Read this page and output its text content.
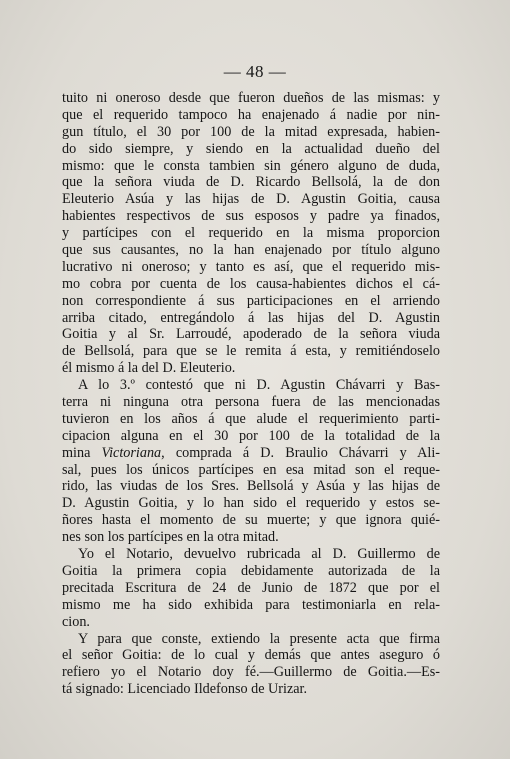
— 48 —
tuito ni oneroso desde que fueron dueños de las mismas: y
que el requerido tampoco ha enajenado á nadie por nin-
gun título, el 30 por 100 de la mitad expresada, habien-
do sido siempre, y siendo en la actualidad dueño del
mismo: que le consta tambien sin género alguno de duda,
que la señora viuda de D. Ricardo Bellsolá, la de don
Eleuterio Asúa y las hijas de D. Agustin Goitia, causa
habientes respectivos de sus esposos y padre ya finados,
y partícipes con el requerido en la misma proporcion
que sus causantes, no la han enajenado por título alguno
lucrativo ni oneroso; y tanto es así, que el requerido mis-
mo cobra por cuenta de los causa-habientes dichos el cá-
non correspondiente á sus participaciones en el arriendo
arriba citado, entregándolo á las hijas del D. Agustin
Goitia y al Sr. Larroudé, apoderado de la señora viuda
de Bellsolá, para que se le remita á esta, y remitiéndoselo
él mismo á la del D. Eleuterio.
A lo 3.º contestó que ni D. Agustin Chávarri y Bas-
terra ni ninguna otra persona fuera de las mencionadas
tuvieron en los años á que alude el requerimiento parti-
cipacion alguna en el 30 por 100 de la totalidad de la
mina Victoriana, comprada á D. Braulio Chávarri y Ali-
sal, pues los únicos partícipes en esa mitad son el reque-
rido, las viudas de los Sres. Bellsolá y Asúa y las hijas de
D. Agustin Goitia, y lo han sido el requerido y estos se-
ñores hasta el momento de su muerte; y que ignora quié-
nes son los partícipes en la otra mitad.
Yo el Notario, devuelvo rubricada al D. Guillermo de
Goitia la primera copia debidamente autorizada de la
precitada Escritura de 24 de Junio de 1872 que por el
mismo me ha sido exhibida para testimoniarla en rela-
cion.
Y para que conste, extiendo la presente acta que firma
el señor Goitia: de lo cual y demás que antes aseguro ó
refiero yo el Notario doy fé.—Guillermo de Goitia.—Es-
tá signado: Licenciado Ildefonso de Urizar.
